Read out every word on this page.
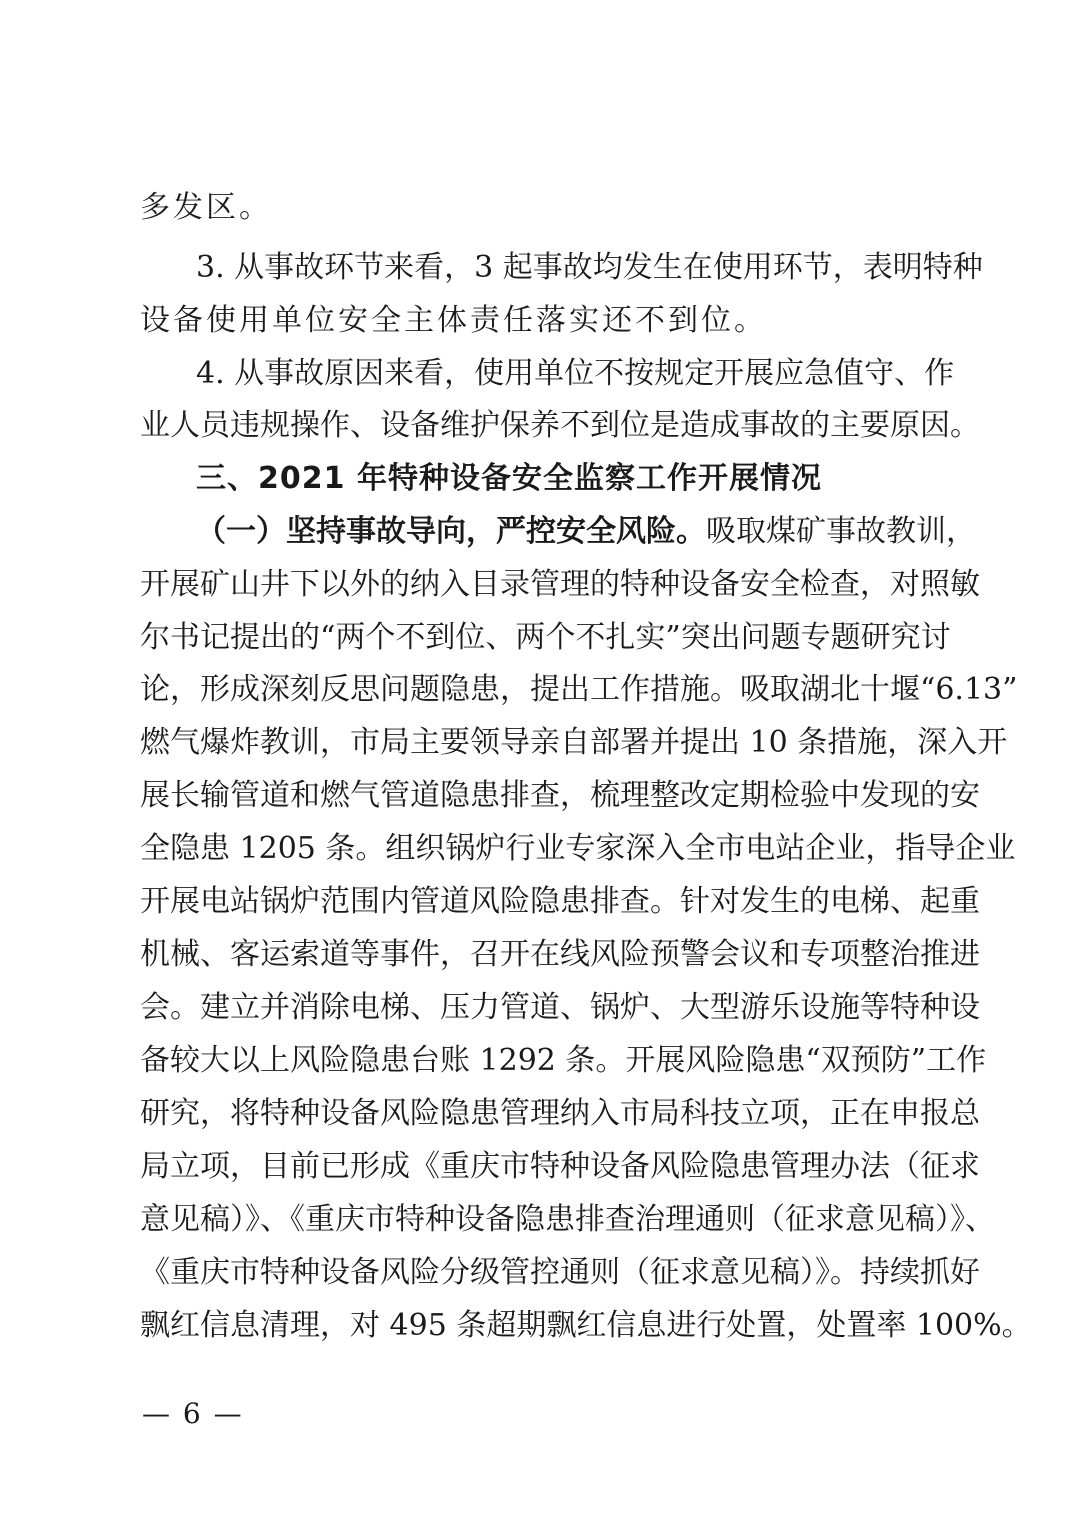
多发区。
3. 从事故环节来看，3 起事故均发生在使用环节，表明特种
设备使用单位安全主体责任落实还不到位。
4. 从事故原因来看，使用单位不按规定开展应急值守、作
业人员违规操作、设备维护保养不到位是造成事故的主要原因。
三、2021 年特种设备安全监察工作开展情况
（一）坚持事故导向，严控安全风险。吸取煤矿事故教训，
开展矿山井下以外的纳入目录管理的特种设备安全检查，对照敏
尔书记提出的“两个不到位、两个不扎实”突出问题专题研究讨
论，形成深刻反思问题隐患，提出工作措施。吸取湖北十堰“6.13”
燃气爆炸教训，市局主要领导亲自部署并提出 10 条措施，深入开
展长输管道和燃气管道隐患排查，梳理整改定期检验中发现的安
全隐患 1205 条。组织锅炉行业专家深入全市电站企业，指导企业
开展电站锅炉范围内管道风险隐患排查。针对发生的电梯、起重
机械、客运索道等事件，召开在线风险预警会议和专项整治推进
会。建立并消除电梯、压力管道、锅炉、大型游乐设施等特种设
备较大以上风险隐患台账 1292 条。开展风险隐患“双预防”工作
研究，将特种设备风险隐患管理纳入市局科技立项，正在申报总
局立项，目前已形成《重庆市特种设备风险隐患管理办法（征求
意见稿）》、《重庆市特种设备隐患排查治理通则（征求意见稿）》、
《重庆市特种设备风险分级管控通则（征求意见稿）》。持续抓好
飘红信息清理，对 495 条超期飘红信息进行处置，处置率 100%。
— 6 —
